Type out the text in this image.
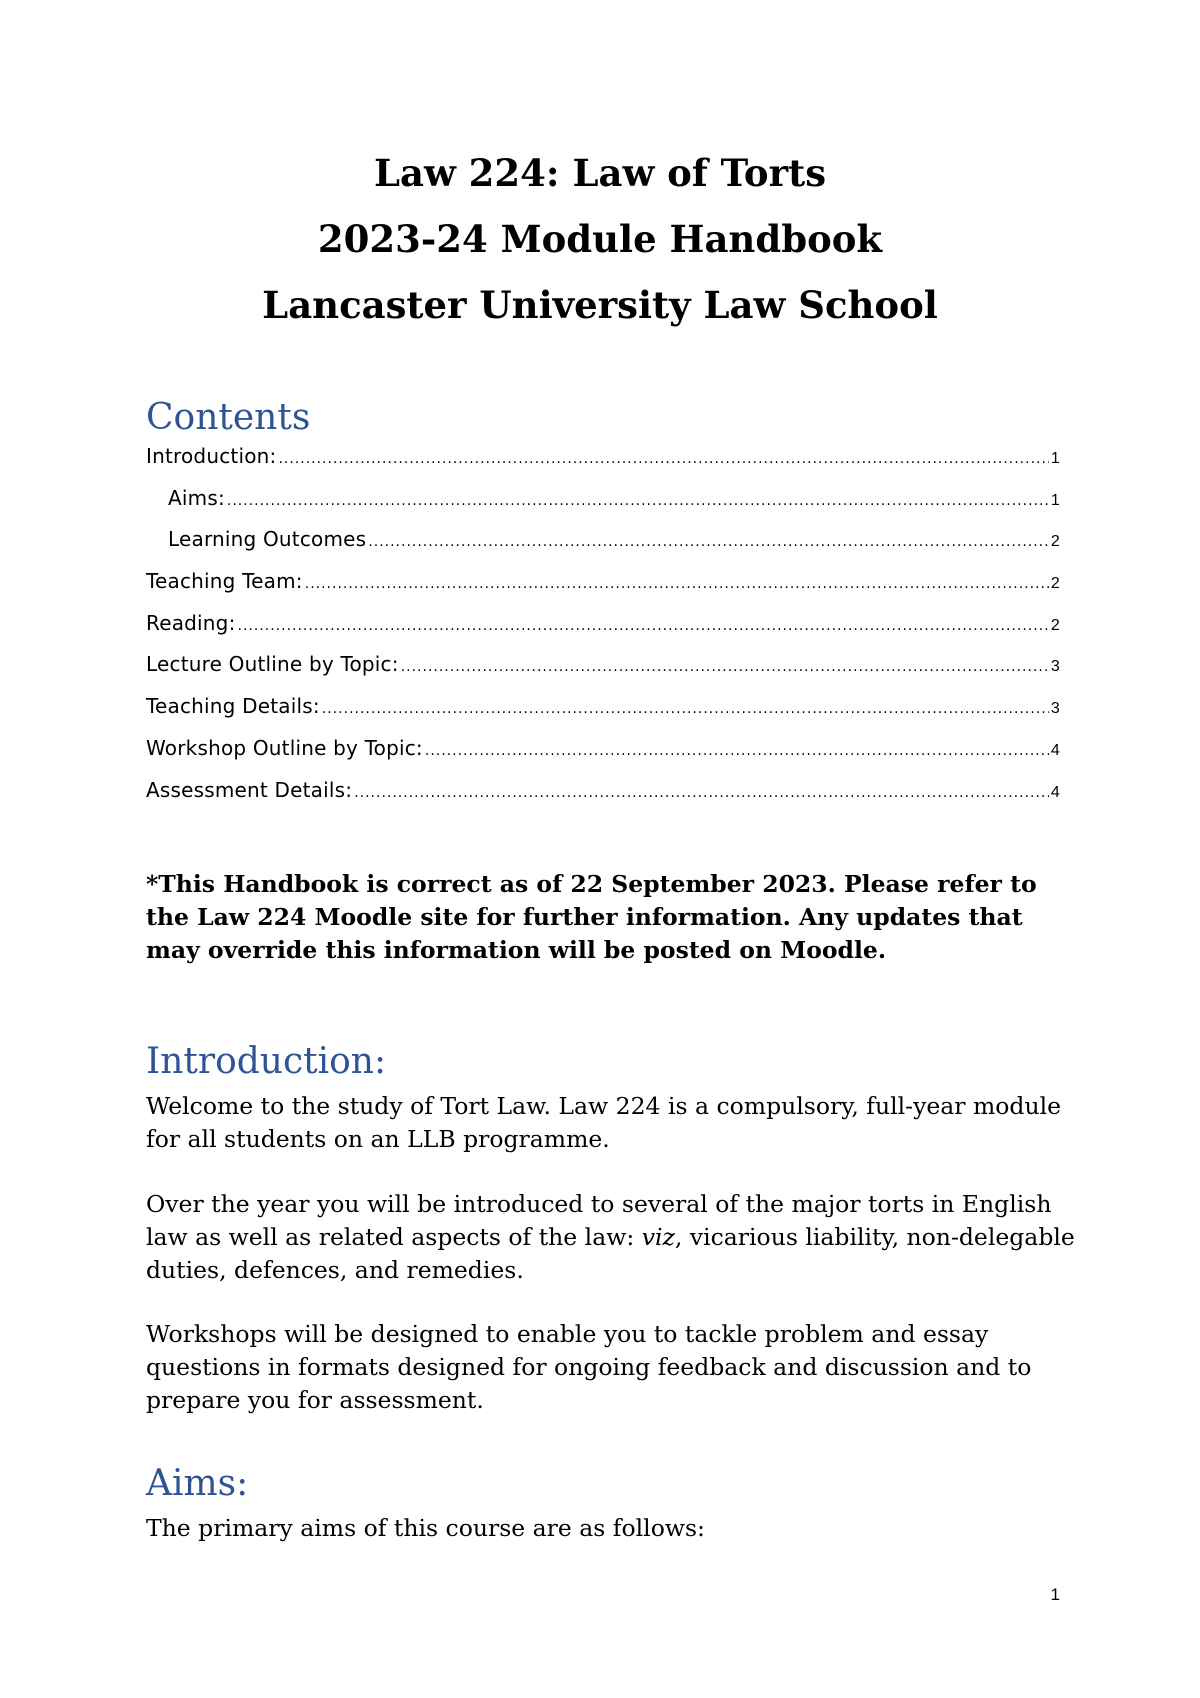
Law 224: Law of Torts
2023-24 Module Handbook
Lancaster University Law School
Contents
Introduction: .....	1
Aims: .....	1
Learning Outcomes .....	2
Teaching Team: .....	2
Reading: .....	2
Lecture Outline by Topic: .....	3
Teaching Details: .....	3
Workshop Outline by Topic: .....	4
Assessment Details: .....	4
*This Handbook is correct as of 22 September 2023. Please refer to the Law 224 Moodle site for further information. Any updates that may override this information will be posted on Moodle.
Introduction:
Welcome to the study of Tort Law. Law 224 is a compulsory, full-year module for all students on an LLB programme.
Over the year you will be introduced to several of the major torts in English law as well as related aspects of the law: viz, vicarious liability, non-delegable duties, defences, and remedies.
Workshops will be designed to enable you to tackle problem and essay questions in formats designed for ongoing feedback and discussion and to prepare you for assessment.
Aims:
The primary aims of this course are as follows:
1
